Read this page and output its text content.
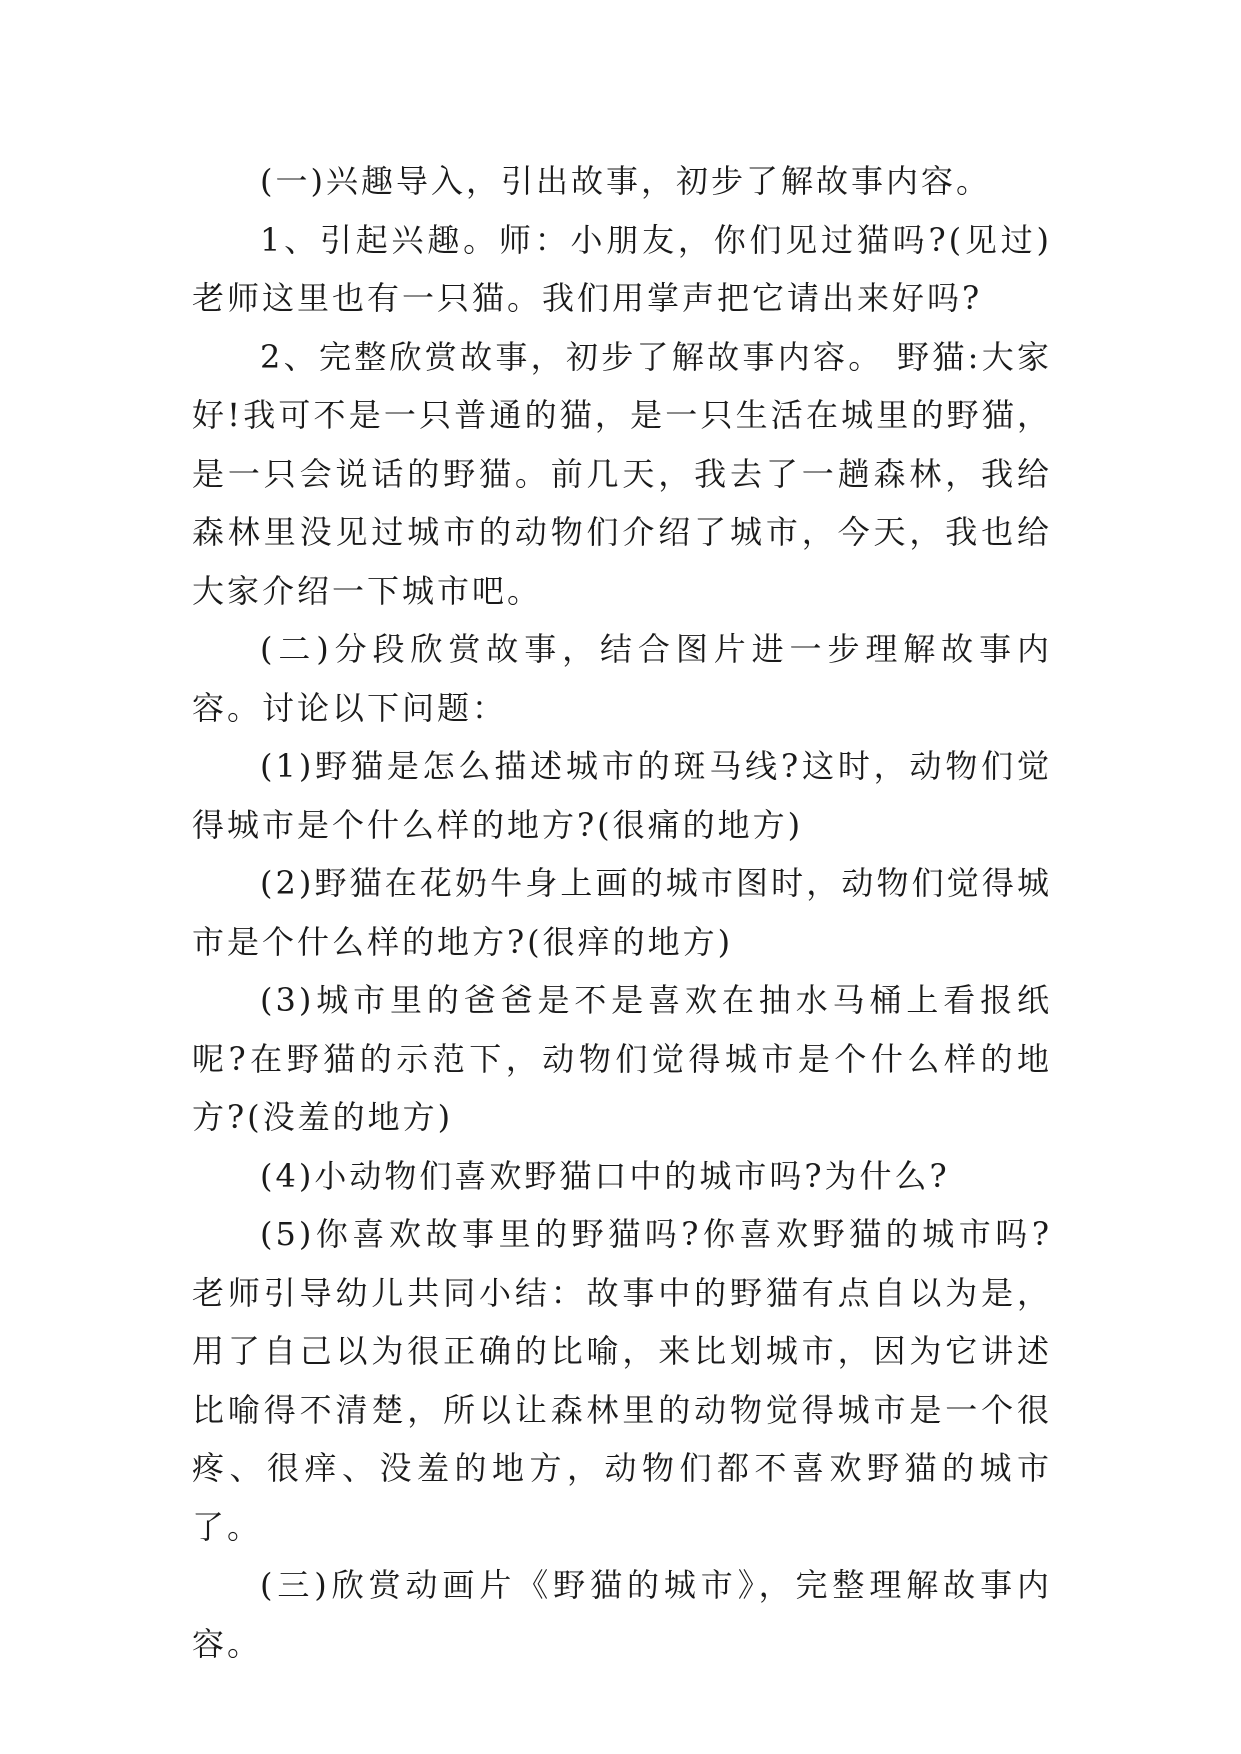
(一)兴趣导入，引出故事，初步了解故事内容。

1、引起兴趣。师：小朋友，你们见过猫吗?(见过)老师这里也有一只猫。我们用掌声把它请出来好吗?

2、完整欣赏故事，初步了解故事内容。 野猫:大家好!我可不是一只普通的猫，是一只生活在城里的野猫，是一只会说话的野猫。前几天，我去了一趟森林，我给森林里没见过城市的动物们介绍了城市，今天，我也给大家介绍一下城市吧。

(二)分段欣赏故事，结合图片进一步理解故事内容。讨论以下问题：

(1)野猫是怎么描述城市的斑马线?这时，动物们觉得城市是个什么样的地方?(很痛的地方)

(2)野猫在花奶牛身上画的城市图时，动物们觉得城市是个什么样的地方?(很痒的地方)

(3)城市里的爸爸是不是喜欢在抽水马桶上看报纸呢?在野猫的示范下，动物们觉得城市是个什么样的地方?(没羞的地方)

(4)小动物们喜欢野猫口中的城市吗?为什么?

(5)你喜欢故事里的野猫吗?你喜欢野猫的城市吗? 老师引导幼儿共同小结：故事中的野猫有点自以为是，用了自己以为很正确的比喻，来比划城市，因为它讲述比喻得不清楚，所以让森林里的动物觉得城市是一个很疼、很痒、没羞的地方，动物们都不喜欢野猫的城市了。

(三)欣赏动画片《野猫的城市》，完整理解故事内容。
